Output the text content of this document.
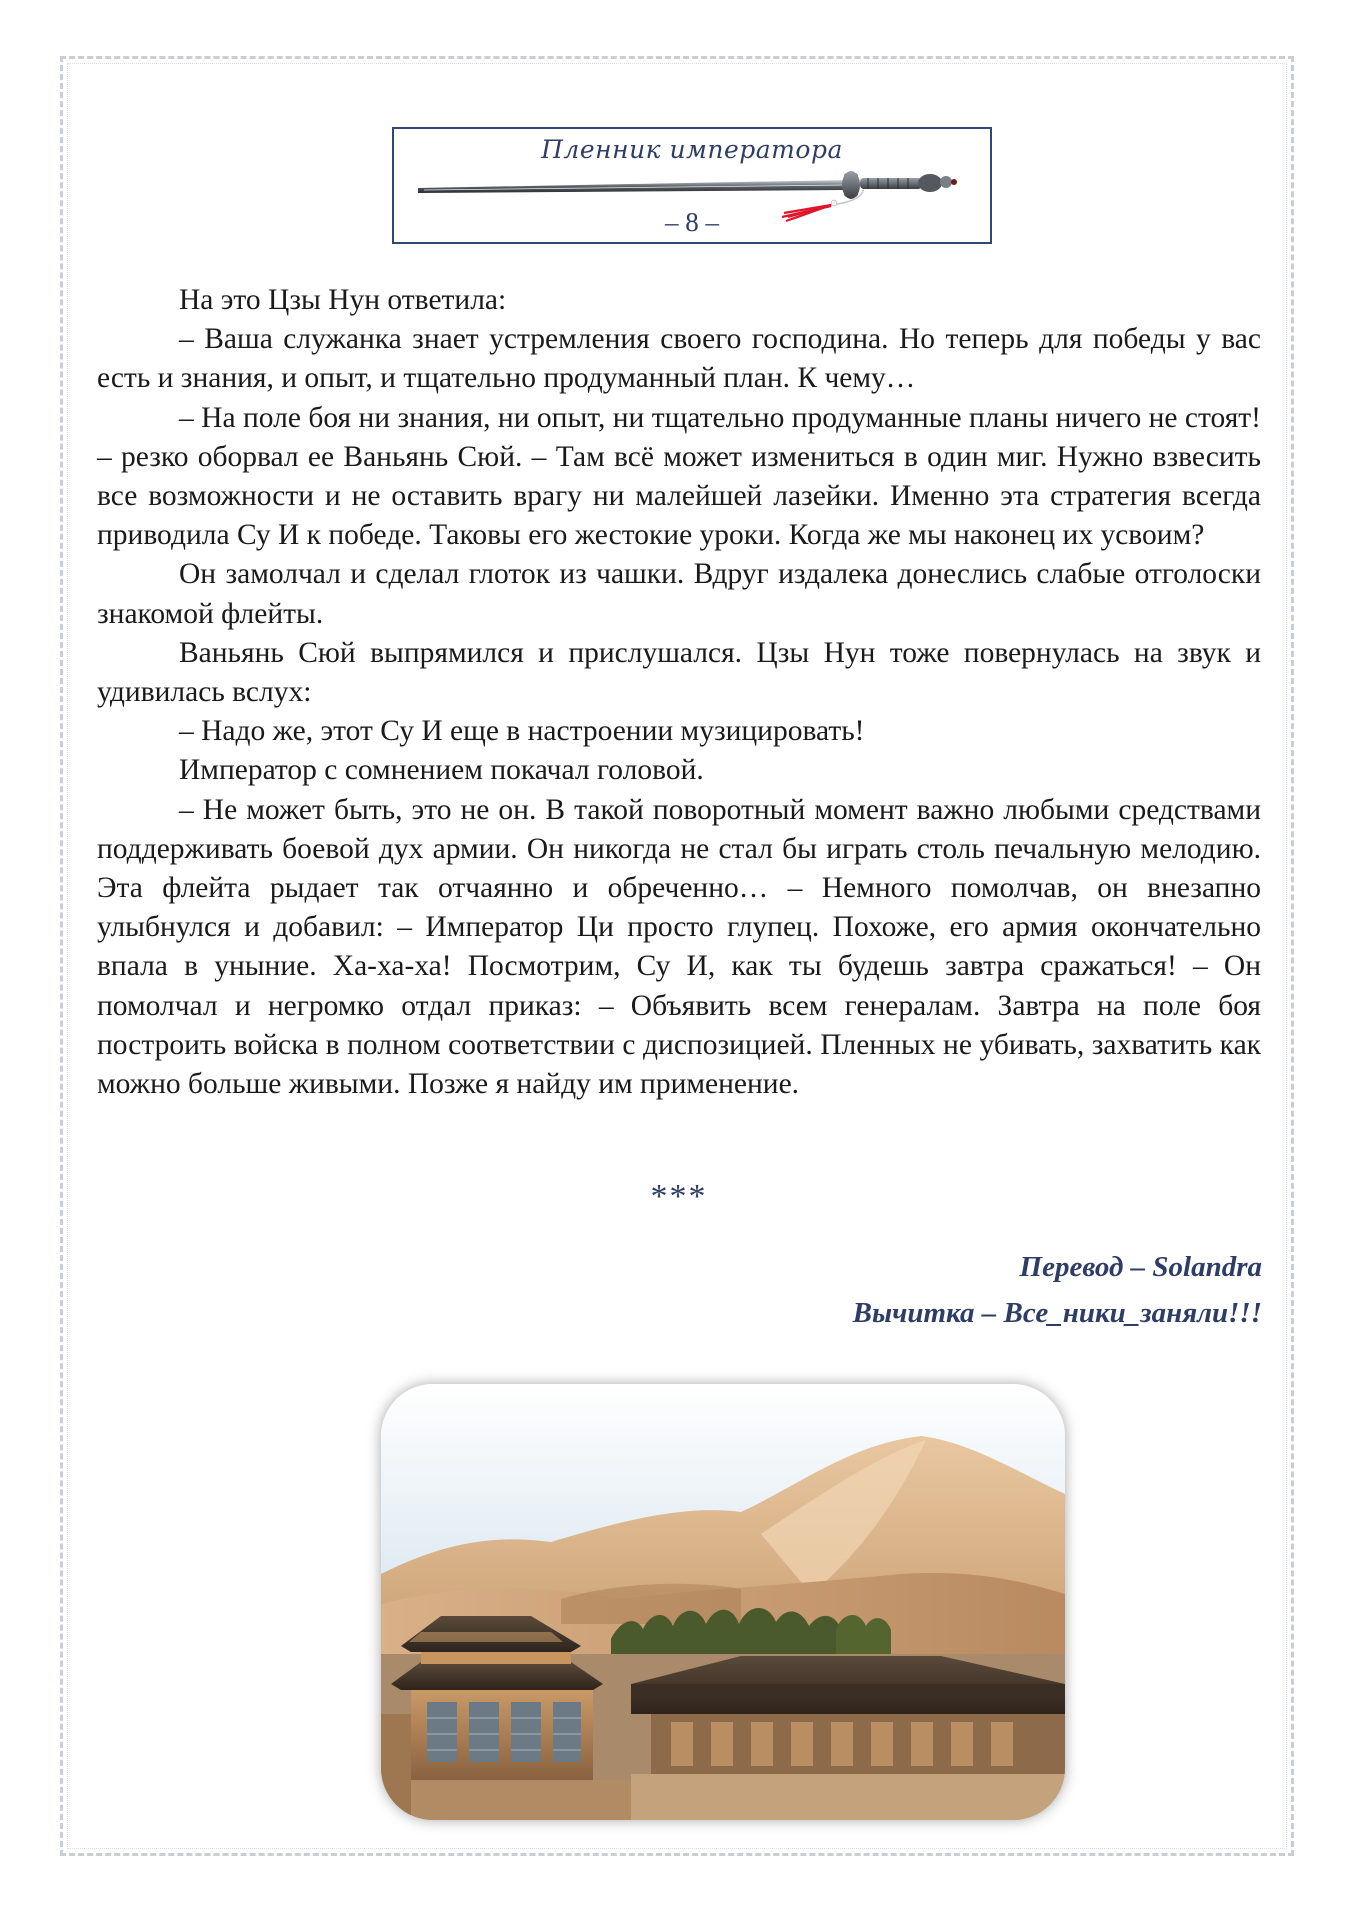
Пленник императора
– 8 –

На это Цзы Нун ответила:

– Ваша служанка знает устремления своего господина. Но теперь для победы у вас есть и знания, и опыт, и тщательно продуманный план. К чему…

– На поле боя ни знания, ни опыт, ни тщательно продуманные планы ничего не стоят! – резко оборвал ее Ваньянь Сюй. – Там всё может измениться в один миг. Нужно взвесить все возможности и не оставить врагу ни малейшей лазейки. Именно эта стратегия всегда приводила Су И к победе. Таковы его жестокие уроки. Когда же мы наконец их усвоим?

Он замолчал и сделал глоток из чашки. Вдруг издалека донеслись слабые отголоски знакомой флейты.

Ваньянь Сюй выпрямился и прислушался. Цзы Нун тоже повернулась на звук и удивилась вслух:

– Надо же, этот Су И еще в настроении музицировать!

Император с сомнением покачал головой.

– Не может быть, это не он. В такой поворотный момент важно любыми средствами поддерживать боевой дух армии. Он никогда не стал бы играть столь печальную мелодию. Эта флейта рыдает так отчаянно и обреченно… – Немного помолчав, он внезапно улыбнулся и добавил: – Император Ци просто глупец. Похоже, его армия окончательно впала в уныние. Ха-ха-ха! Посмотрим, Су И, как ты будешь завтра сражаться! – Он помолчал и негромко отдал приказ: – Объявить всем генералам. Завтра на поле боя построить войска в полном соответствии с диспозицией. Пленных не убивать, захватить как можно больше живыми. Позже я найду им применение.

***
Перевод – Solandra
Вычитка – Все_ники_заняли!!!
